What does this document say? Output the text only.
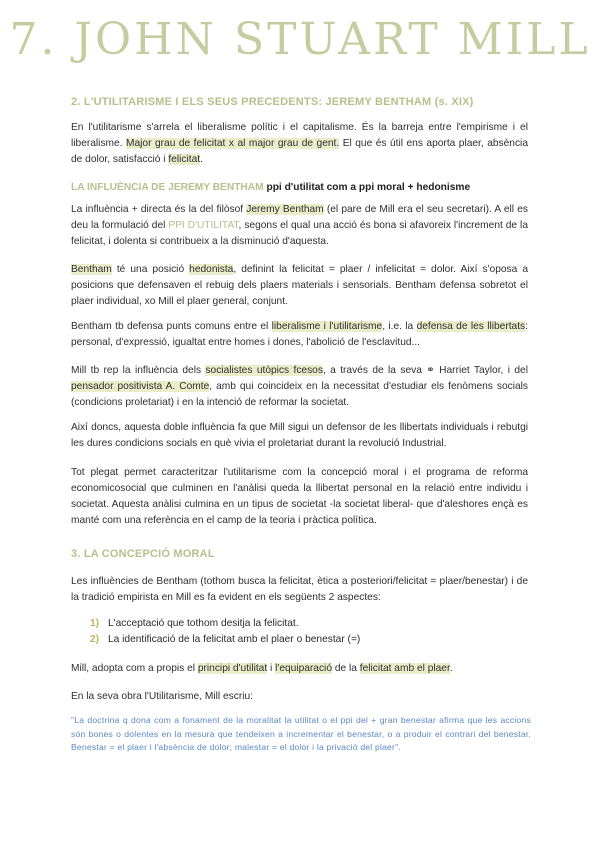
7. JOHN STUART MILL
2. L'UTILITARISME I ELS SEUS PRECEDENTS: JEREMY BENTHAM (s. XIX)
En l'utilitarisme s'arrela el liberalisme polític i el capitalisme. És la barreja entre l'empirisme i el liberalisme. Major grau de felicitat x al major grau de gent. El que és útil ens aporta plaer, absència de dolor, satisfacció i felicitat.
LA INFLUÈNCIA DE JEREMY BENTHAM ppi d'utilitat com a ppi moral + hedonisme
La influència + directa és la del filòsof Jeremy Bentham (el pare de Mill era el seu secretari). A ell es deu la formulació del PPI D'UTILITAT, segons el qual una acció és bona si afavoreix l'increment de la felicitat, i dolenta si contribueix a la disminució d'aquesta.
Bentham té una posició hedonista, definint la felicitat = plaer / infelicitat = dolor. Així s'oposa a posicions que defensaven el rebuig dels plaers materials i sensorials. Bentham defensa sobretot el plaer individual, xo Mill el plaer general, conjunt.
Bentham tb defensa punts comuns entre el liberalisme i l'utilitarisme, i.e. la defensa de les llibertats: personal, d'expressió, igualtat entre homes i dones, l'abolició de l'esclavitud...
Mill tb rep la influència dels socialistes utòpics fcesos, a través de la seva ⚭ Harriet Taylor, i del pensador positivista A. Comte, amb qui coincideix en la necessitat d'estudiar els fenòmens socials (condicions proletariat) i en la intenció de reformar la societat.
Així doncs, aquesta doble influència fa que Mill sigui un defensor de les llibertats individuals i rebutgi les dures condicions socials en què vivia el proletariat durant la revolució Industrial.
Tot plegat permet caracteritzar l'utilitarisme com la concepció moral i el programa de reforma economicosocial que culminen en l'anàlisi queda la llibertat personal en la relació entre individu i societat. Aquesta anàlisi culmina en un tipus de societat -la societat liberal- que d'aleshores ençà es manté com una referència en el camp de la teoria i pràctica política.
3. LA CONCEPCIÓ MORAL
Les influències de Bentham (tothom busca la felicitat, ètica a posteriori/felicitat = plaer/benestar) i de la tradició empirista en Mill es fa evident en els següents 2 aspectes:
1) L'acceptació que tothom desitja la felicitat.
2) La identificació de la felicitat amb el plaer o benestar (=)
Mill, adopta com a propis el principi d'utilitat i l'equiparació de la felicitat amb el plaer.
En la seva obra l'Utilitarisme, Mill escriu:
"La doctrina q dona com a fonament de la moralitat la utilitat o el ppi del + gran benestar afirma que les accions són bones o dolentes en la mesura que tendeixen a incrementar el benestar, o a produir el contrari del benestar. Benestar = el plaer i l'absència de dolor; malestar = el dolor i la privació del plaer".
